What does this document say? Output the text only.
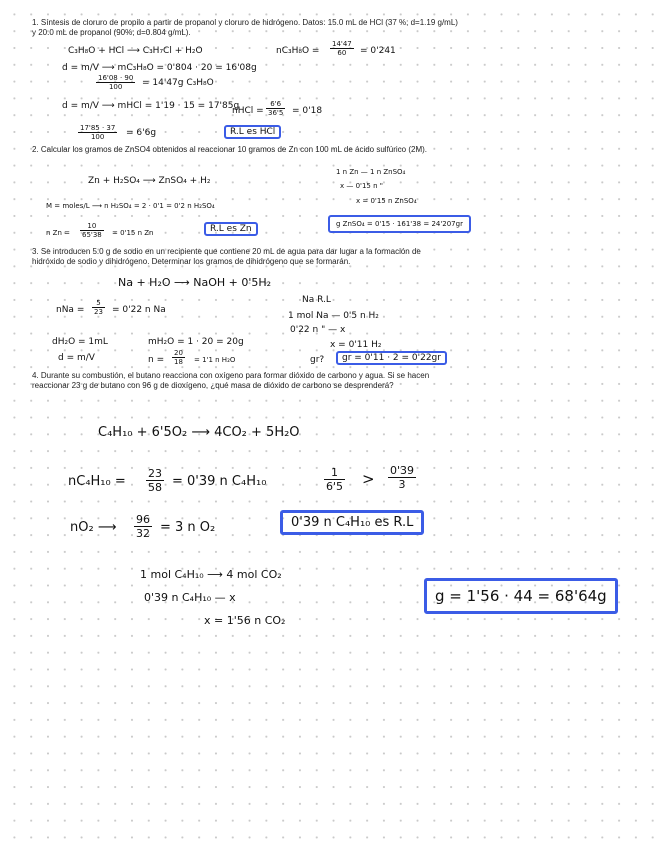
1. Síntesis de cloruro de propilo a partir de propanol y cloruro de hidrógeno. Datos: 15.0 mL de HCl (37 %; d=1.19 g/mL) y 20.0 mL de propanol (90%; d=0.804 g/mL).
C₃H₈O + HCl ⟶ C₃H₇Cl + H₂O	$nC_3H_8O = \frac{14'47}{60} = 0'241$
d = m/V ⟶ mC₃H₈O = 0'804 · 20 = 16'08g
$\frac{16'08 \cdot 90}{100} = 14'47g$ C₃H₈O
d = m/V ⟶ mHCl = 1'19 · 15 = 17'85g
nHCl = $\frac{6'6}{36'5} = 0'18$
$\frac{17'85 \cdot 37}{100} = 6'6g$	R.L es HCl
2. Calcular los gramos de ZnSO4 obtenidos al reaccionar 10 gramos de Zn con 100 mL de ácido sulfúrico (2M).
Zn + H₂SO₄ ⟶ ZnSO₄ + H₂
1 n Zn — 1 n ZnSO₄
x — 0'15 n "
x = 0'15 n ZnSO₄
M = moles/L ⟶ n H₂SO₄ = 2 · 0'1 = 0'2 n H₂SO₄
n $Zn = \frac{10}{65'38} = 0'15$ n Zn	R.L es Zn	g ZnSO₄ = 0'15 · 161'38 = 24'207gr
3. Se introducen 5.0 g de sodio en un recipiente que contiene 20 mL de agua para dar lugar a la formación de hidróxido de sodio y dihidrógeno. Determinar los gramos de dihidrógeno que se formarán.
Na + H₂O ⟶ NaOH + 0'5H₂
Na R.L
nNa = $\frac{5}{23} = 0'22$ n Na
1 mol Na — 0'5 n H₂
0'22 n " — x
x = 0'11 H₂
dH₂O = 1mL	mH₂O = 1 · 20 = 20g
d = m/V	$n = \frac{20}{18} = 1'1$ n H₂O	gr?	gr = 0'11 · 2 = 0'22gr
4. Durante su combustión, el butano reacciona con oxígeno para formar dióxido de carbono y agua. Si se hacen reaccionar 23 g de butano con 96 g de dioxígeno, ¿qué masa de dióxido de carbono se desprenderá?
C₄H₁₀ + 6'5O₂ ⟶ 4CO₂ + 5H₂O
$nC_4H_{10} = \frac{23}{58} = 0'39$ n C₄H₁₀	$\frac{1}{6'5} > \frac{0'39}{3}$
nO₂ ⟶ $\frac{96}{32} = 3$ n O₂	0'39 n C₄H₁₀ es R.L
1 mol C₄H₁₀ ⟶ 4 mol CO₂
0'39 n C₄H₁₀ — x
x = 1'56 n CO₂
g = 1'56 · 44 = 68'64g
